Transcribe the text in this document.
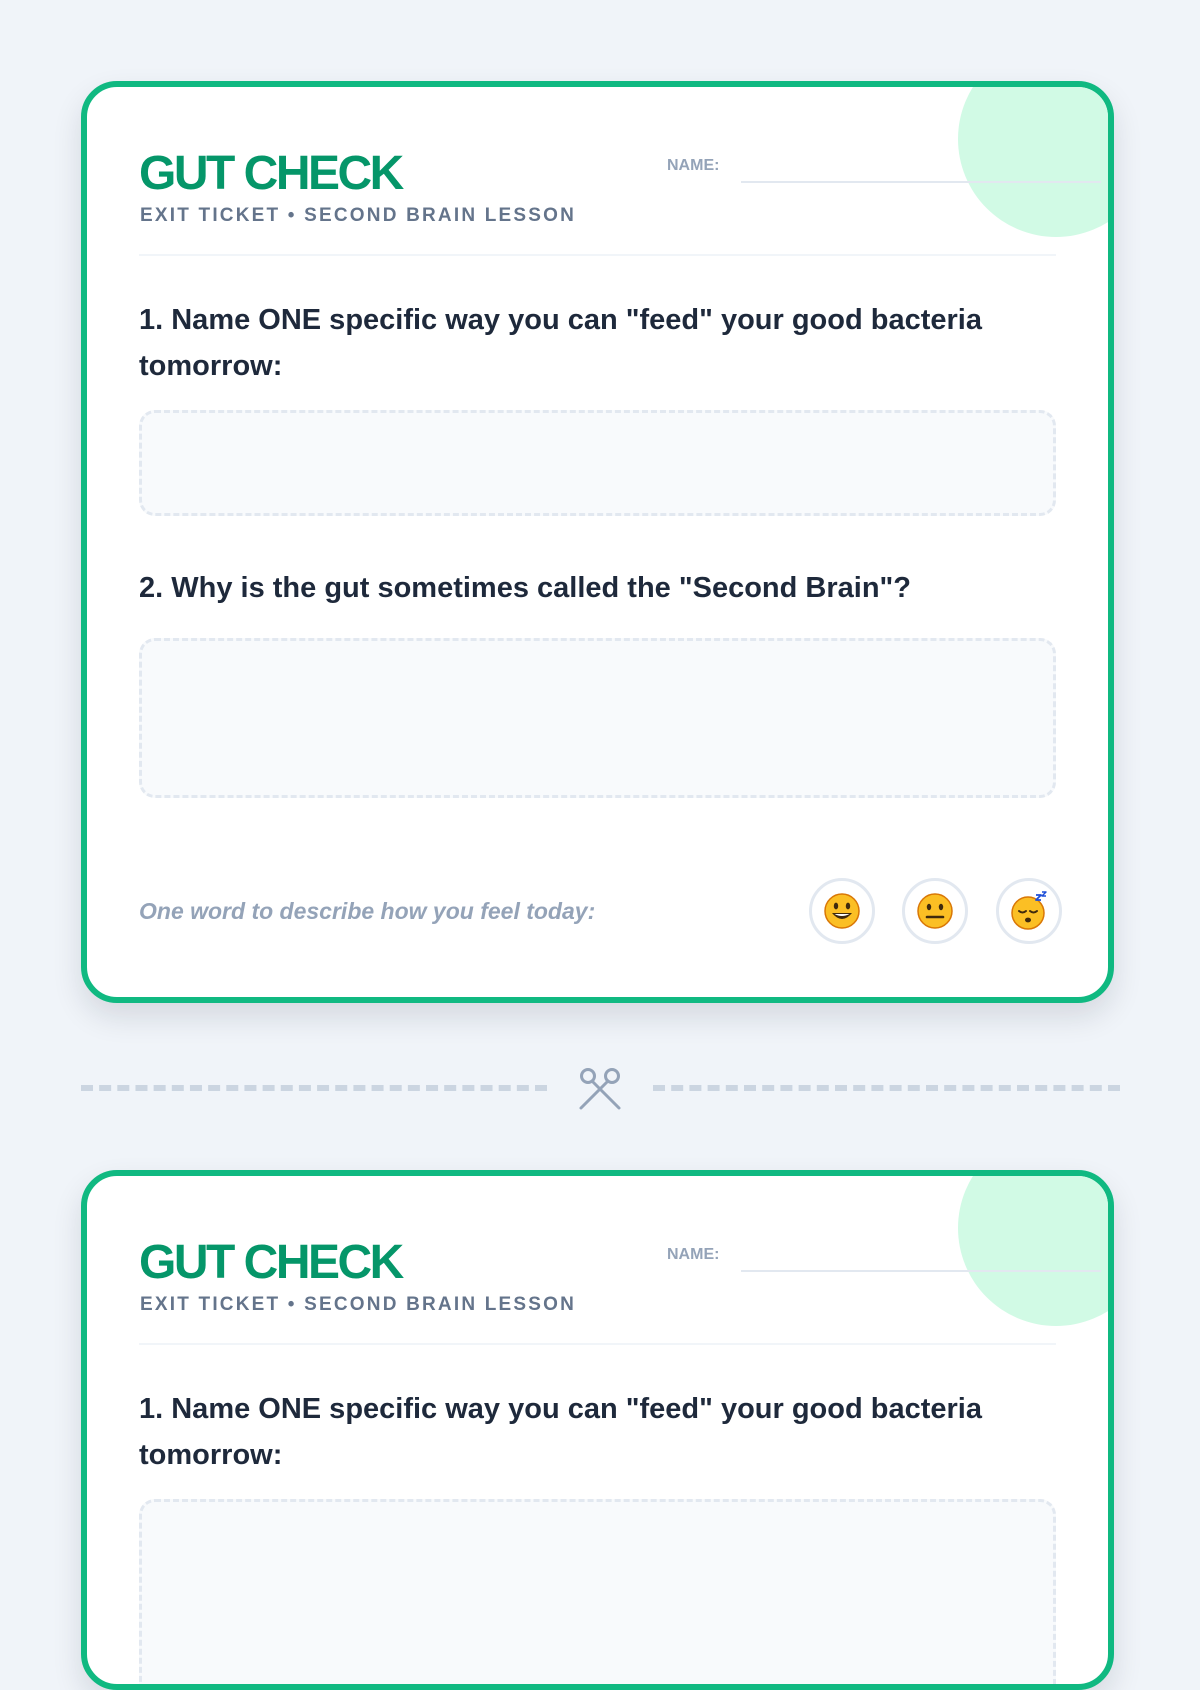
GUT CHECK
EXIT TICKET • SECOND BRAIN LESSON
NAME:

1. Name ONE specific way you can "feed" your good bacteria tomorrow:

2. Why is the gut sometimes called the "Second Brain"?

One word to describe how you feel today:
GUT CHECK
EXIT TICKET • SECOND BRAIN LESSON
NAME:

1. Name ONE specific way you can "feed" your good bacteria tomorrow:
